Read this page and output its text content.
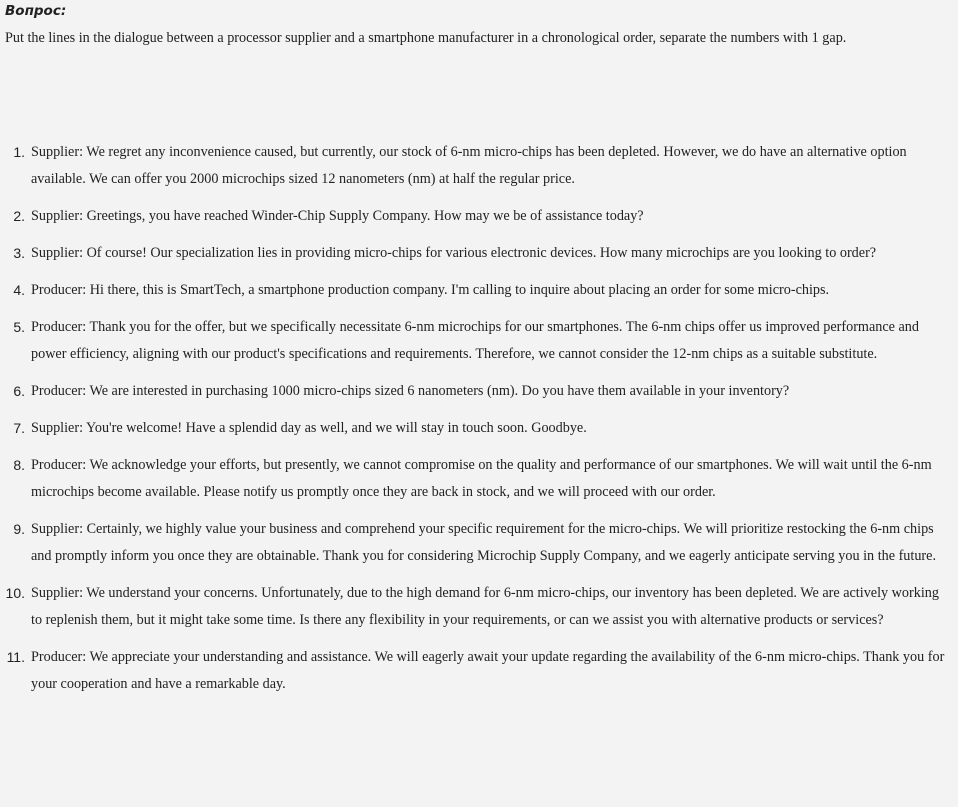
Вопрос:

Put the lines in the dialogue between a processor supplier and a smartphone manufacturer in a chronological order, separate the numbers with 1 gap.

1. Supplier: We regret any inconvenience caused, but currently, our stock of 6-nm micro-chips has been depleted. However, we do have an alternative option available. We can offer you 2000 microchips sized 12 nanometers (nm) at half the regular price.
2. Supplier: Greetings, you have reached Winder-Chip Supply Company. How may we be of assistance today?
3. Supplier: Of course! Our specialization lies in providing micro-chips for various electronic devices. How many microchips are you looking to order?
4. Producer: Hi there, this is SmartTech, a smartphone production company. I'm calling to inquire about placing an order for some micro-chips.
5. Producer: Thank you for the offer, but we specifically necessitate 6-nm microchips for our smartphones. The 6-nm chips offer us improved performance and power efficiency, aligning with our product's specifications and requirements. Therefore, we cannot consider the 12-nm chips as a suitable substitute.
6. Producer: We are interested in purchasing 1000 micro-chips sized 6 nanometers (nm). Do you have them available in your inventory?
7. Supplier: You're welcome! Have a splendid day as well, and we will stay in touch soon. Goodbye.
8. Producer: We acknowledge your efforts, but presently, we cannot compromise on the quality and performance of our smartphones. We will wait until the 6-nm microchips become available. Please notify us promptly once they are back in stock, and we will proceed with our order.
9. Supplier: Certainly, we highly value your business and comprehend your specific requirement for the micro-chips. We will prioritize restocking the 6-nm chips and promptly inform you once they are obtainable. Thank you for considering Microchip Supply Company, and we eagerly anticipate serving you in the future.
10. Supplier: We understand your concerns. Unfortunately, due to the high demand for 6-nm micro-chips, our inventory has been depleted. We are actively working to replenish them, but it might take some time. Is there any flexibility in your requirements, or can we assist you with alternative products or services?
11. Producer: We appreciate your understanding and assistance. We will eagerly await your update regarding the availability of the 6-nm micro-chips. Thank you for your cooperation and have a remarkable day.
